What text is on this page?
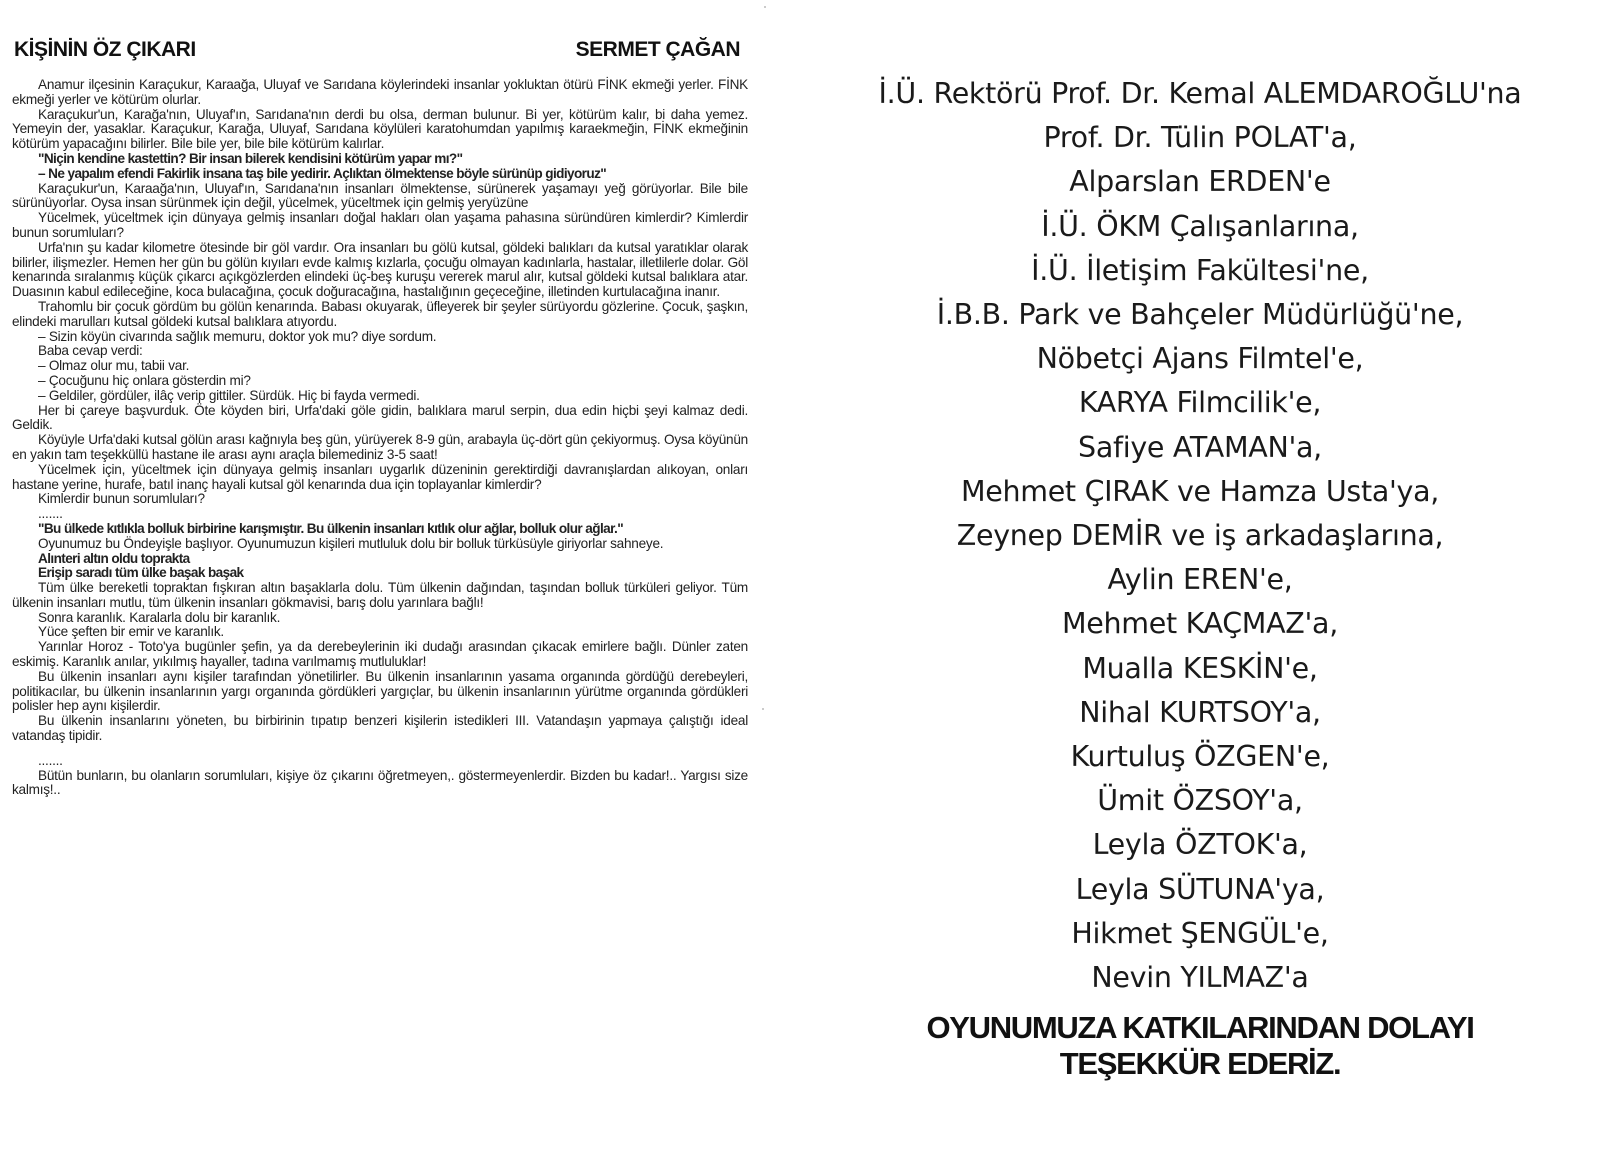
KİŞİNİN ÖZ ÇIKARI	SERMET ÇAĞAN

Anamur ilçesinin Karaçukur, Karaağa, Uluyaf ve Sarıdana köylerindeki insanlar yokluktan ötürü FİNK ekmeği yerler. FİNK ekmeği yerler ve kötürüm olurlar.

Karaçukur'un, Karağa'nın, Uluyaf'ın, Sarıdana'nın derdi bu olsa, derman bulunur. Bi yer, kötürüm kalır, bi daha yemez. Yemeyin der, yasaklar. Karaçukur, Karağa, Uluyaf, Sarıdana köylüleri karatohumdan yapılmış karaekmeğin, FİNK ekmeğinin kötürüm yapacağını bilirler. Bile bile yer, bile bile kötürüm kalırlar.

"Niçin kendine kastettin? Bir insan bilerek kendisini kötürüm yapar mı?"

– Ne yapalım efendi Fakirlik insana taş bile yedirir. Açlıktan ölmektense böyle sürünüp gidiyoruz"

Karaçukur'un, Karaağa'nın, Uluyaf'ın, Sarıdana'nın insanları ölmektense, sürünerek yaşamayı yeğ görüyorlar. Bile bile sürünüyorlar. Oysa insan sürünmek için değil, yücelmek, yüceltmek için gelmiş yeryüzüne

Yücelmek, yüceltmek için dünyaya gelmiş insanları doğal hakları olan yaşama pahasına süründüren kimlerdir? Kimlerdir bunun sorumluları?

Urfa'nın şu kadar kilometre ötesinde bir göl vardır. Ora insanları bu gölü kutsal, göldeki balıkları da kutsal yaratıklar olarak bilirler, ilişmezler. Hemen her gün bu gölün kıyıları evde kalmış kızlarla, çocuğu olmayan kadınlarla, hastalar, illetlilerle dolar. Göl kenarında sıralanmış küçük çıkarcı açıkgözlerden elindeki üç-beş kuruşu vererek marul alır, kutsal göldeki kutsal balıklara atar. Duasının kabul edileceğine, koca bulacağına, çocuk doğuracağına, hastalığının geçeceğine, illetinden kurtulacağına inanır.

Trahomlu bir çocuk gördüm bu gölün kenarında. Babası okuyarak, üfleyerek bir şeyler sürüyordu gözlerine. Çocuk, şaşkın, elindeki marulları kutsal göldeki kutsal balıklara atıyordu.

– Sizin köyün civarında sağlık memuru, doktor yok mu? diye sordum.

Baba cevap verdi:

– Olmaz olur mu, tabii var.

– Çocuğunu hiç onlara gösterdin mi?

– Geldiler, gördüler, ilâç verip gittiler. Sürdük. Hiç bi fayda vermedi.

Her bi çareye başvurduk. Öte köyden biri, Urfa'daki göle gidin, balıklara marul serpin, dua edin hiçbi şeyi kalmaz dedi. Geldik.

Köyüyle Urfa'daki kutsal gölün arası kağnıyla beş gün, yürüyerek 8-9 gün, arabayla üç-dört gün çekiyormuş. Oysa köyünün en yakın tam teşekküllü hastane ile arası aynı araçla bilemediniz 3-5 saat!

Yücelmek için, yüceltmek için dünyaya gelmiş insanları uygarlık düzeninin gerektirdiği davranışlardan alıkoyan, onları hastane yerine, hurafe, batıl inanç hayali kutsal göl kenarında dua için toplayanlar kimlerdir?

Kimlerdir bunun sorumluları?

.......

"Bu ülkede kıtlıkla bolluk birbirine karışmıştır. Bu ülkenin insanları kıtlık olur ağlar, bolluk olur ağlar."

Oyunumuz bu Öndeyişle başlıyor. Oyunumuzun kişileri mutluluk dolu bir bolluk türküsüyle giriyorlar sahneye.

Alınteri altın oldu toprakta

Erişip saradı tüm ülke başak başak

Tüm ülke bereketli topraktan fışkıran altın başaklarla dolu. Tüm ülkenin dağından, taşından bolluk türküleri geliyor. Tüm ülkenin insanları mutlu, tüm ülkenin insanları gökmavisi, barış dolu yarınlara bağlı!

Sonra karanlık. Karalarla dolu bir karanlık.

Yüce şeften bir emir ve karanlık.

Yarınlar Horoz - Toto'ya bugünler şefin, ya da derebeylerinin iki dudağı arasından çıkacak emirlere bağlı. Dünler zaten eskimiş. Karanlık anılar, yıkılmış hayaller, tadına varılmamış mutluluklar!

Bu ülkenin insanları aynı kişiler tarafından yönetilirler. Bu ülkenin insanlarının yasama organında gördüğü derebeyleri, politikacılar, bu ülkenin insanlarının yargı organında gördükleri yargıçlar, bu ülkenin insanlarının yürütme organında gördükleri polisler hep aynı kişilerdir.

Bu ülkenin insanlarını yöneten, bu birbirinin tıpatıp benzeri kişilerin istedikleri III. Vatandaşın yapmaya çalıştığı ideal vatandaş tipidir.

.......

Bütün bunların, bu olanların sorumluları, kişiye öz çıkarını öğretmeyen,. göstermeyenlerdir. Bizden bu kadar!.. Yargısı size kalmış!..

İ.Ü. Rektörü Prof. Dr. Kemal ALEMDAROĞLU'na
Prof. Dr. Tülin POLAT'a,
Alparslan ERDEN'e
İ.Ü. ÖKM Çalışanlarına,
İ.Ü. İletişim Fakültesi'ne,
İ.B.B. Park ve Bahçeler Müdürlüğü'ne,
Nöbetçi Ajans Filmtel'e,
KARYA Filmcilik'e,
Safiye ATAMAN'a,
Mehmet ÇIRAK ve Hamza Usta'ya,
Zeynep DEMİR ve iş arkadaşlarına,
Aylin EREN'e,
Mehmet KAÇMAZ'a,
Mualla KESKİN'e,
Nihal KURTSOY'a,
Kurtuluş ÖZGEN'e,
Ümit ÖZSOY'a,
Leyla ÖZTOK'a,
Leyla SÜTUNA'ya,
Hikmet ŞENGÜL'e,
Nevin YILMAZ'a
OYUNUMUZA KATKILARINDAN DOLAYI
TEŞEKKÜR EDERİZ.
